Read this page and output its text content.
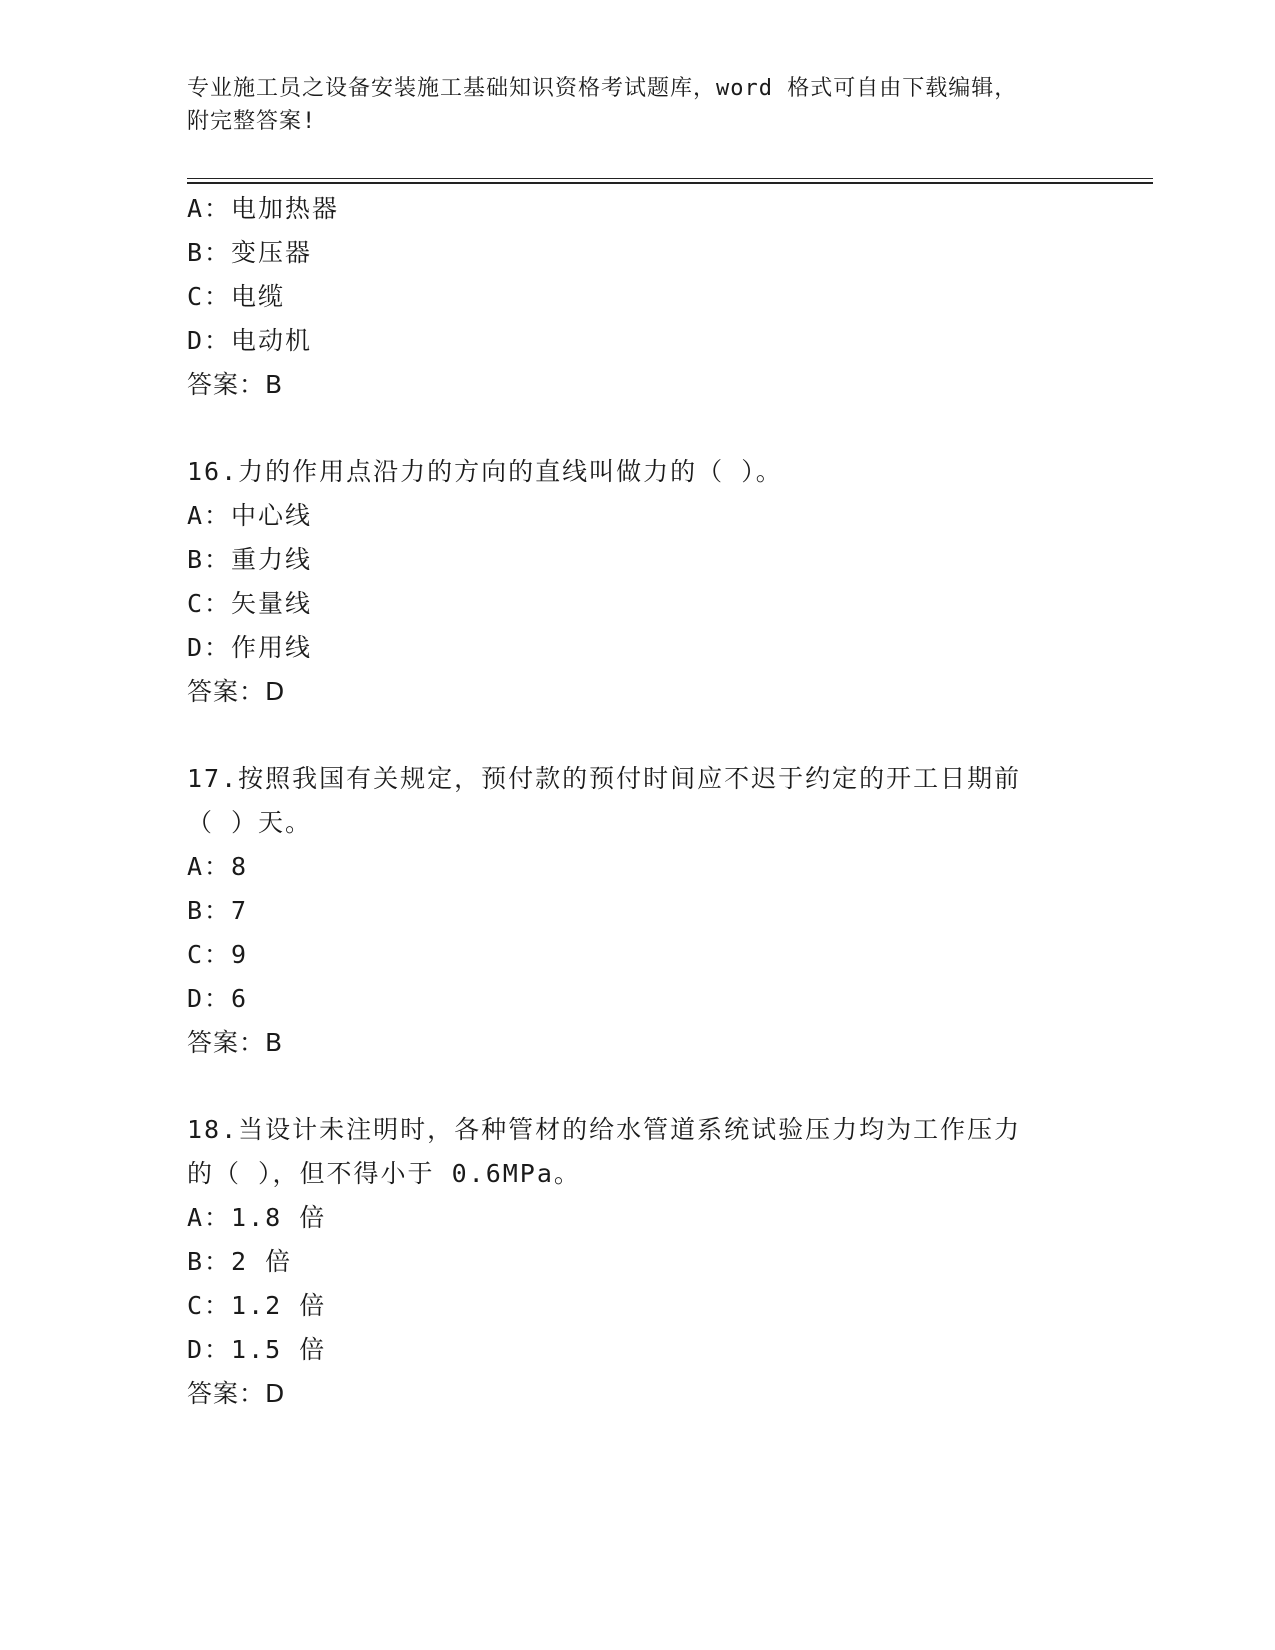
专业施工员之设备安装施工基础知识资格考试题库，word 格式可自由下载编辑，
附完整答案!
A：电加热器
B：变压器
C：电缆
D：电动机
答案：B
16.力的作用点沿力的方向的直线叫做力的（ ）。
A：中心线
B：重力线
C：矢量线
D：作用线
答案：D
17.按照我国有关规定，预付款的预付时间应不迟于约定的开工日期前
（ ）天。
A：8
B：7
C：9
D：6
答案：B
18.当设计未注明时，各种管材的给水管道系统试验压力均为工作压力
的（ ），但不得小于 0.6MPa。
A：1.8 倍
B：2 倍
C：1.2 倍
D：1.5 倍
答案：D
